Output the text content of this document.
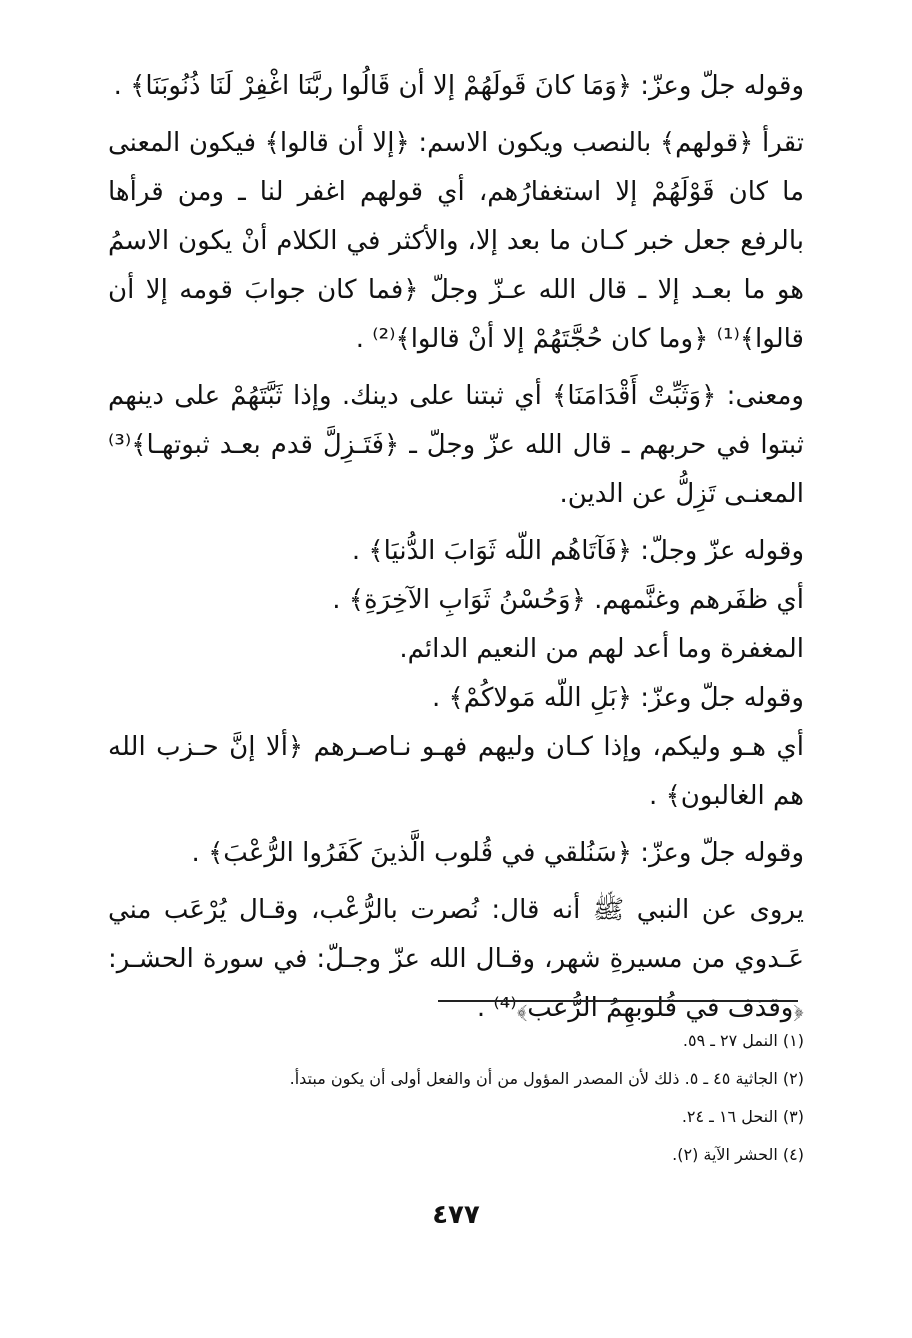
وقوله جلّ وعزّ: ﴿وَمَا كانَ قَولَهُمْ إلا أن قَالُوا ربَّنَا اغْفِرْ لَنَا ذُنُوبَنَا﴾ .

تقرأ ﴿قولهم﴾ بالنصب ويكون الاسم: ﴿إلا أن قالوا﴾ فيكون المعنى ما كان قَوْلَهُمْ إلا استغفارُهم، أي قولهم اغفر لنا ـ ومن قرأها بالرفع جعل خبر كـان ما بعد إلا، والأكثر في الكلام أنْ يكون الاسمُ هو ما بعـد إلا ـ قال الله عـزّ وجلّ ﴿فما كان جوابَ قومه إلا أن قالوا﴾⁽¹⁾ ﴿وما كان حُجَّتَهُمْ إلا أنْ قالوا﴾⁽²⁾ .

ومعنى: ﴿وَثَبِّتْ أَقْدَامَنَا﴾ أي ثبتنا على دينك. وإذا ثَبَّتَهُمْ على دينهم ثبتوا في حربهم ـ قال الله عزّ وجلّ ـ ﴿فَتَـزِلَّ قدم بعـد ثبوتهـا﴾⁽³⁾ المعنـى تَزِلُّ عن الدين.

وقوله عزّ وجلّ: ﴿فَآتَاهُم اللّه ثَوَابَ الدُّنيَا﴾ .

أي ظفَرهم وغنَّمهم. ﴿وَحُسْنُ ثَوَابِ الآخِرَةِ﴾ .

المغفرة وما أعد لهم من النعيم الدائم.

وقوله جلّ وعزّ: ﴿بَلِ اللّه مَولاكُمْ﴾ .

أي هـو وليكم، وإذا كـان وليهم فهـو نـاصـرهم ﴿ألا إنَّ حـزب الله هم الغالبون﴾ .

وقوله جلّ وعزّ: ﴿سَنُلقي في قُلوب الَّذينَ كَفَرُوا الرُّعْبَ﴾ .

يروى عن النبي ﷺ أنه قال: نُصرت بالرُّعْب، وقـال يُرْعَب مني عَـدوي من مسيرةِ شهر، وقـال الله عزّ وجـلّ: في سورة الحشـر: ﴿وقذف في قُلوبهِمُ الرُّعب﴾⁽⁴⁾ .

(١) النمل ٢٧ ـ ٥٩.

(٢) الجاثية ٤٥ ـ ٥. ذلك لأن المصدر المؤول من أن والفعل أولى أن يكون مبتدأ.

(٣) النحل ١٦ ـ ٢٤.

(٤) الحشر الآية (٢).

٤٧٧
